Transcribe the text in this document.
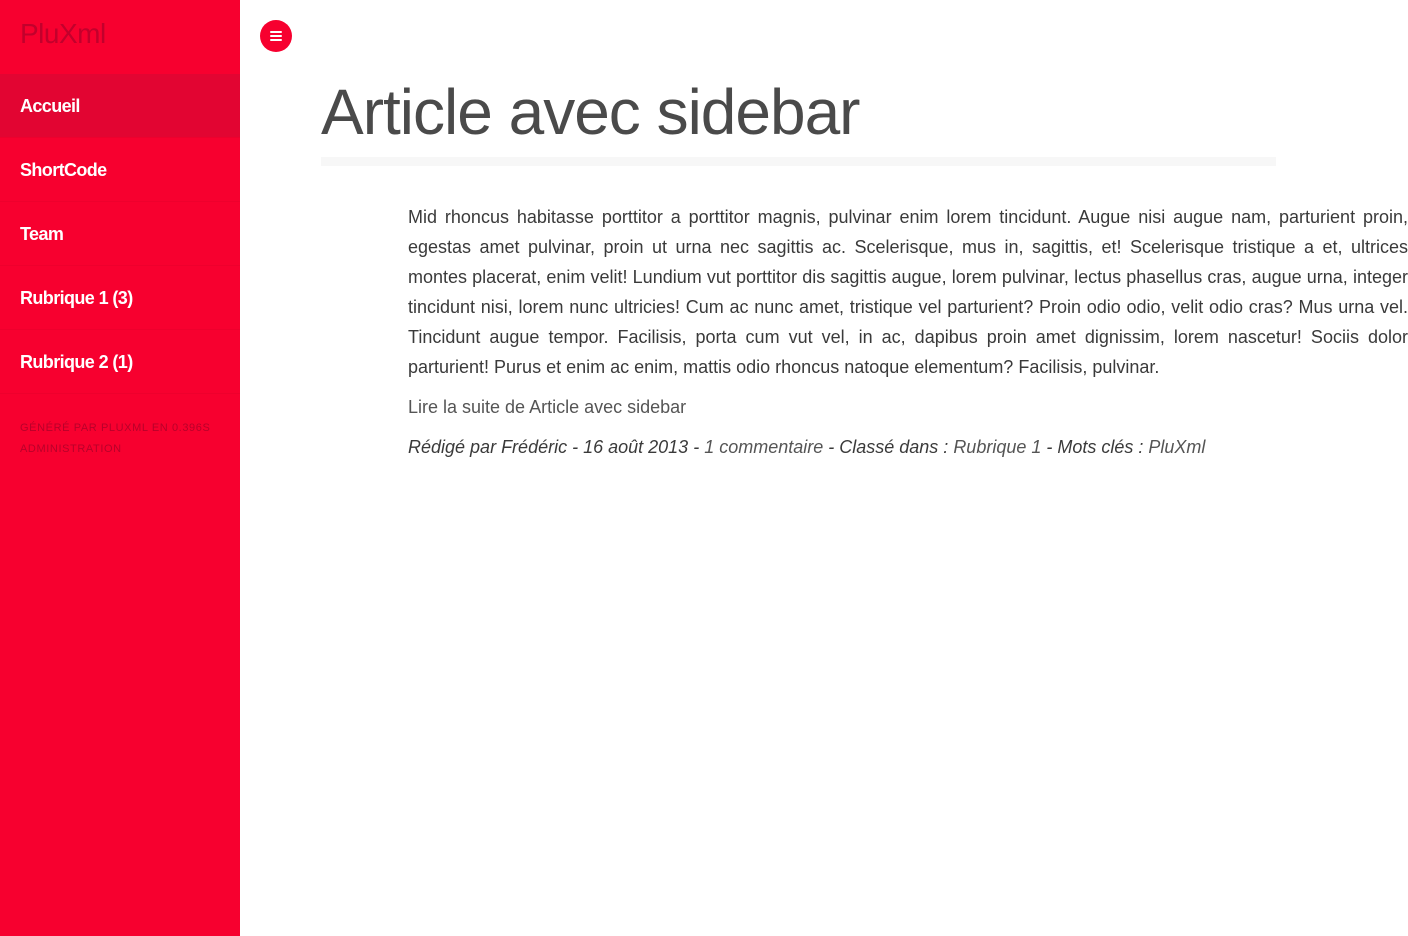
PluXml
Accueil
ShortCode
Team
Rubrique 1 (3)
Rubrique 2 (1)
GÉNÉRÉ PAR PLUXML EN 0.396S
ADMINISTRATION
Article avec sidebar

Mid rhoncus habitasse porttitor a porttitor magnis, pulvinar enim lorem tincidunt. Augue nisi augue nam, parturient proin, egestas amet pulvinar, proin ut urna nec sagittis ac. Scelerisque, mus in, sagittis, et! Scelerisque tristique a et, ultrices montes placerat, enim velit! Lundium vut porttitor dis sagittis augue, lorem pulvinar, lectus phasellus cras, augue urna, integer tincidunt nisi, lorem nunc ultricies! Cum ac nunc amet, tristique vel parturient? Proin odio odio, velit odio cras? Mus urna vel. Tincidunt augue tempor. Facilisis, porta cum vut vel, in ac, dapibus proin amet dignissim, lorem nascetur! Sociis dolor parturient! Purus et enim ac enim, mattis odio rhoncus natoque elementum? Facilisis, pulvinar.

Lire la suite de Article avec sidebar
Rédigé par Frédéric - 16 août 2013 - 1 commentaire - Classé dans : Rubrique 1 - Mots clés : PluXml
